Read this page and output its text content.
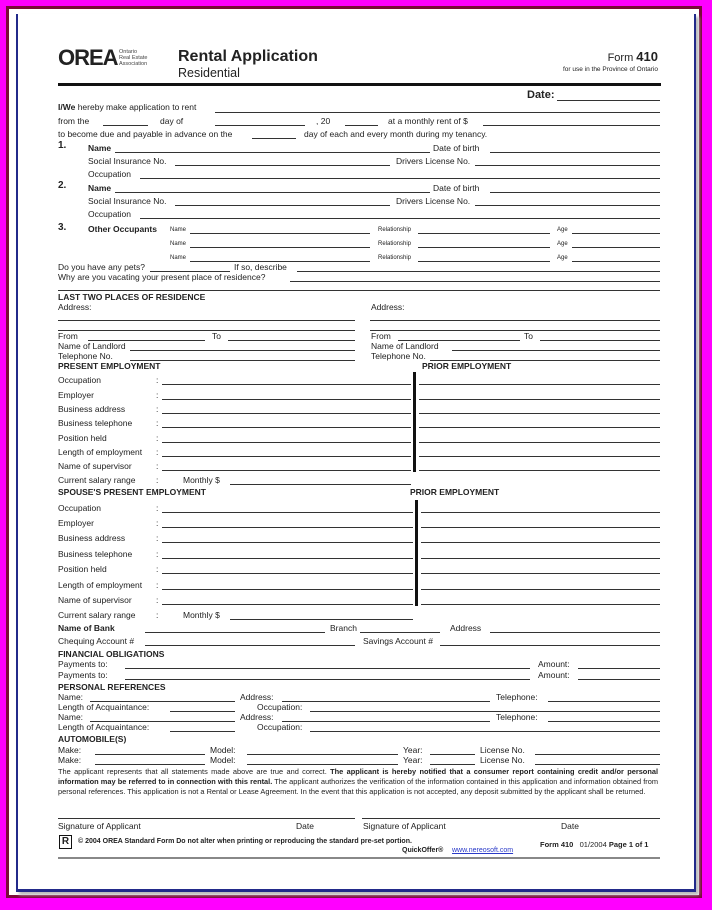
OREA Ontario
Real Estate
Association Rental Application
Residential
Form 410
for use in the Province of Ontario
Date:
I/We hereby make application to rent
from the	day of	, 20	at a monthly rent of $
to become due and payable in advance on the	day of each and every month during my tenancy.
1.	Name	Date of birth
Social Insurance No.	Drivers License No.
Occupation
2.	Name	Date of birth
Social Insurance No.	Drivers License No.
Occupation
3.	Other Occupants Name	Relationship	Age
Name	Relationship	Age
Name	Relationship	Age
Do you have any pets?	If so, describe
Why are you vacating your present place of residence?
LAST TWO PLACES OF RESIDENCE
Address:	Address:
From	To	From	To
Name of Landlord	Name of Landlord
Telephone No.	Telephone No.
PRESENT EMPLOYMENT	PRIOR EMPLOYMENT
Occupation	:
Employer	:
Business address	:
Business telephone	:
Position held	:
Length of employment :
Name of supervisor	:
Current salary range :	Monthly $
SPOUSE'S PRESENT EMPLOYMENT	PRIOR EMPLOYMENT
Occupation	:
Employer	:
Business address	:
Business telephone	:
Position held	:
Length of employment :
Name of supervisor	:
Current salary range :	Monthly $
Name of Bank	Branch	Address
Chequing Account #	Savings Account #
FINANCIAL OBLIGATIONS
Payments to:	Amount:
Payments to:	Amount:
PERSONAL REFERENCES
Name:	Address:	Telephone:
Length of Acquaintance:	Occupation:
Name:	Address:	Telephone:
Length of Acquaintance:	Occupation:
AUTOMOBILE(S)
Make:	Model:	Year:	License No.
Make:	Model:	Year:	License No.
The applicant represents that all statements made above are true and correct. The applicant is hereby notified that a consumer report containing credit and/or personal information may be referred to in connection with this rental. The applicant authorizes the verification of the information contained in this application and information obtained from personal references. This application is not a Rental or Lease Agreement. In the event that this application is not accepted, any deposit submitted by the applicant shall be returned.
Signature of Applicant	Date	Signature of Applicant	Date
R	© 2004 OREA Standard Form Do not alter when printing or reproducing the standard pre-set portion.
QuickOffer® www.nereosoft.com
Form 410 01/2004 Page 1 of 1
